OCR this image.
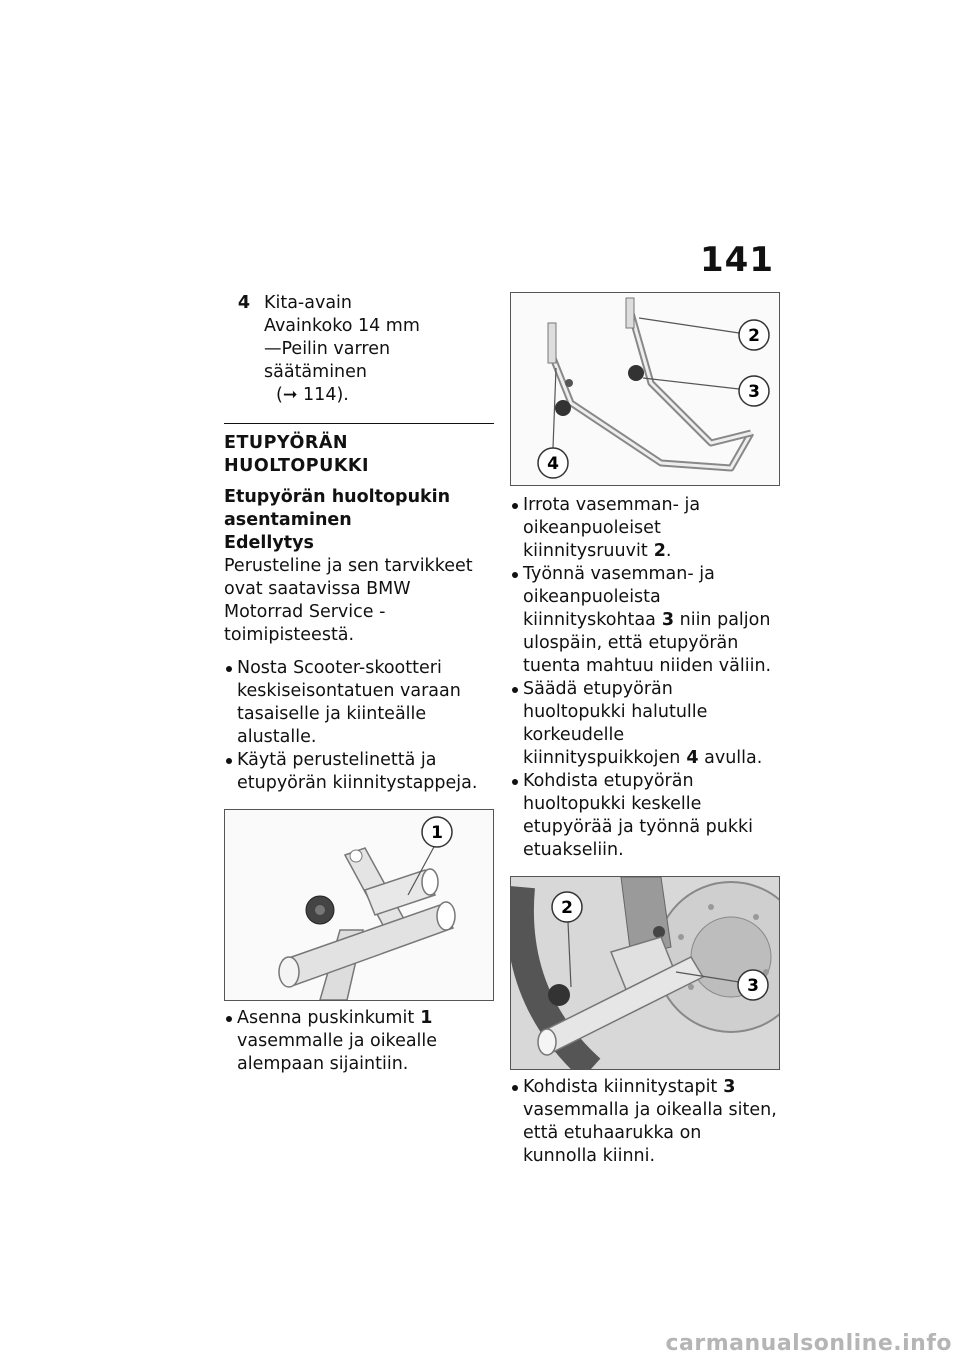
141
4 Kita-avain
Avainkoko 14 mm
—Peilin varren säätäminen
(➞ 114).
ETUPYÖRÄN HUOLTOPUKKI
Etupyörän huoltopukin
asentaminen
Edellytys
Perusteline ja sen tarvikkeet ovat saatavissa BMW Motorrad Service -toimipisteestä.
Nosta Scooter-skootteri keskiseisontatuen varaan tasaiselle ja kiinteälle alustalle.
Käytä perustelinettä ja etupyörän kiinnitystappeja.
1
Asenna puskinkumit 1 vasemmalle ja oikealle alempaan sijaintiin.
2
3
4
Irrota vasemman- ja oikeanpuoleiset kiinnitysruuvit 2.
Työnnä vasemman- ja oikeanpuoleista kiinnityskohtaa 3 niin paljon ulospäin, että etupyörän tuenta mahtuu niiden väliin.
Säädä etupyörän huoltopukki halutulle korkeudelle kiinnityspuikkojen 4 avulla.
Kohdista etupyörän huoltopukki keskelle etupyörää ja työnnä pukki etuakseliin.
2
3
Kohdista kiinnitystapit 3 vasemmalla ja oikealla siten, että etuhaarukka on kunnolla kiinni.
carmanualsonline.info
